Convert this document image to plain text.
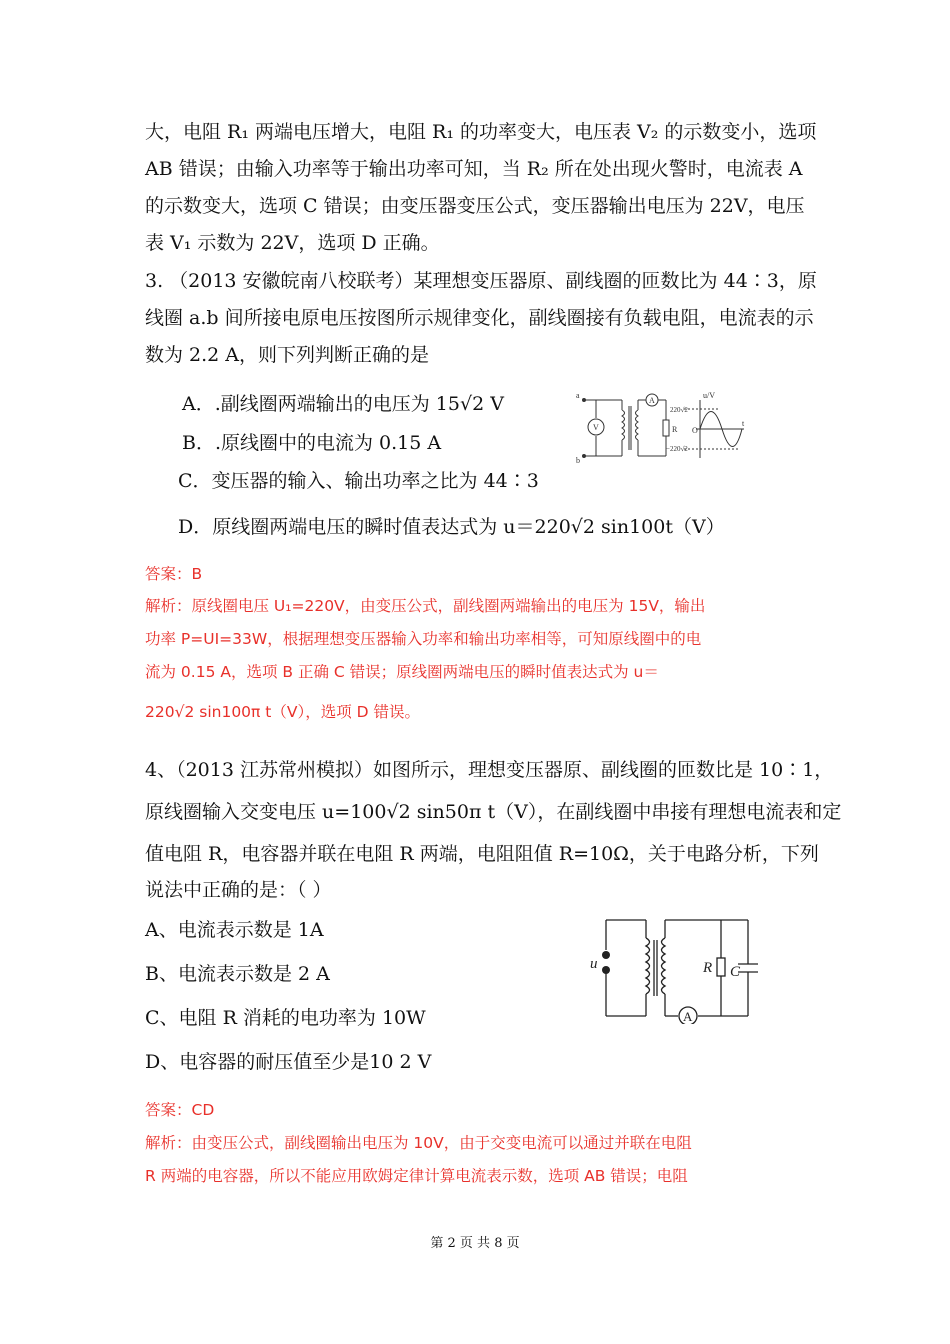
大，电阻 R₁ 两端电压增大，电阻 R₁ 的功率变大，电压表 V₂ 的示数变小，选项
AB 错误；由输入功率等于输出功率可知，当 R₂ 所在处出现火警时，电流表 A
的示数变大，选项 C 错误；由变压器变压公式，变压器输出电压为 22V，电压
表 V₁ 示数为 22V，选项 D 正确。
3. （2013 安徽皖南八校联考）某理想变压器原、副线圈的匝数比为 44∶3，原
线圈 a.b 间所接电原电压按图所示规律变化，副线圈接有负载电阻，电流表的示
数为 2.2 A，则下列判断正确的是
A．.副线圈两端输出的电压为 15√2 V
B．.原线圈中的电流为 0.15 A
C．变压器的输入、输出功率之比为 44∶3
D．原线圈两端电压的瞬时值表达式为 u＝220√2 sin100t（V）
a
b
V
A
R O
u/V
t
220√2
−220√2
答案：B
解析：原线圈电压 U₁=220V，由变压公式，副线圈两端输出的电压为 15V，输出
功率 P=UI=33W，根据理想变压器输入功率和输出功率相等，可知原线圈中的电
流为 0.15 A，选项 B 正确 C 错误；原线圈两端电压的瞬时值表达式为 u＝
220√2 sin100π t（V），选项 D 错误。
4、（2013 江苏常州模拟）如图所示，理想变压器原、副线圈的匝数比是 10∶1，
原线圈输入交变电压 u=100√2 sin50π t（V），在副线圈中串接有理想电流表和定
值电阻 R，电容器并联在电阻 R 两端，电阻阻值 R=10Ω，关于电路分析，下列
说法中正确的是：（ ）
A、电流表示数是 1A
B、电流表示数是 2 A
C、电阻 R 消耗的电功率为 10W
D、电容器的耐压值至少是10 2 V
u	R C
A
答案：CD
解析：由变压公式，副线圈输出电压为 10V，由于交变电流可以通过并联在电阻
R 两端的电容器，所以不能应用欧姆定律计算电流表示数，选项 AB 错误；电阻
第 2 页 共 8 页
